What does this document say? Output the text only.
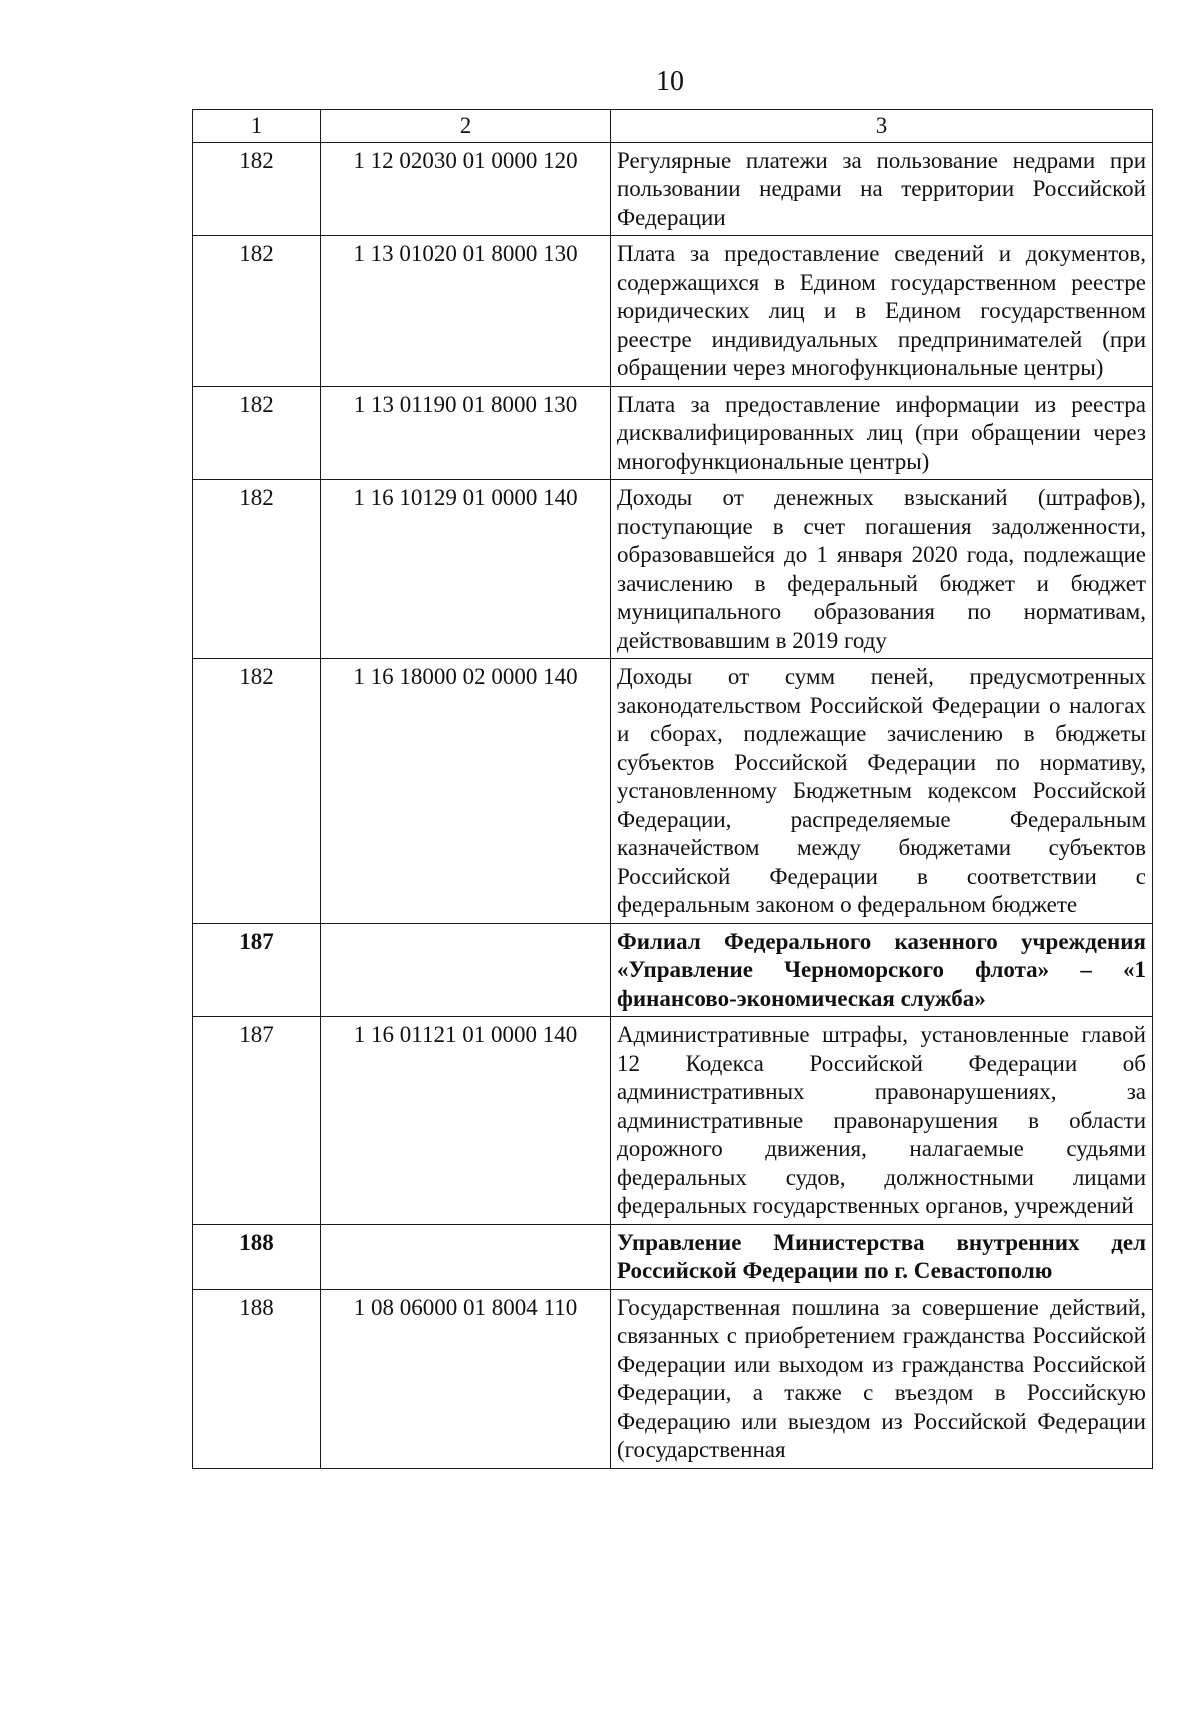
10
1	2	3
182	1 12 02030 01 0000 120	Регулярные платежи за пользование недрами при пользовании недрами на территории Российской Федерации
182	1 13 01020 01 8000 130	Плата за предоставление сведений и документов, содержащихся в Едином государственном реестре юридических лиц и в Едином государственном реестре индивидуальных предпринимателей (при обращении через многофункциональные центры)
182	1 13 01190 01 8000 130	Плата за предоставление информации из реестра дисквалифицированных лиц (при обращении через многофункциональные центры)
182	1 16 10129 01 0000 140	Доходы от денежных взысканий (штрафов), поступающие в счет погашения задолженности, образовавшейся до 1 января 2020 года, подлежащие зачислению в федеральный бюджет и бюджет муниципального образования по нормативам, действовавшим в 2019 году
182	1 16 18000 02 0000 140	Доходы от сумм пеней, предусмотренных законодательством Российской Федерации о налогах и сборах, подлежащие зачислению в бюджеты субъектов Российской Федерации по нормативу, установленному Бюджетным кодексом Российской Федерации, распределяемые Федеральным казначейством между бюджетами субъектов Российской Федерации в соответствии с федеральным законом о федеральном бюджете
187		Филиал Федерального казенного учреждения «Управление Черноморского флота» – «1 финансово-экономическая служба»
187	1 16 01121 01 0000 140	Административные штрафы, установленные главой 12 Кодекса Российской Федерации об административных правонарушениях, за административные правонарушения в области дорожного движения, налагаемые судьями федеральных судов, должностными лицами федеральных государственных органов, учреждений
188		Управление Министерства внутренних дел Российской Федерации по г. Севастополю
188	1 08 06000 01 8004 110	Государственная пошлина за совершение действий, связанных с приобретением гражданства Российской Федерации или выходом из гражданства Российской Федерации, а также с въездом в Российскую Федерацию или выездом из Российской Федерации (государственная
